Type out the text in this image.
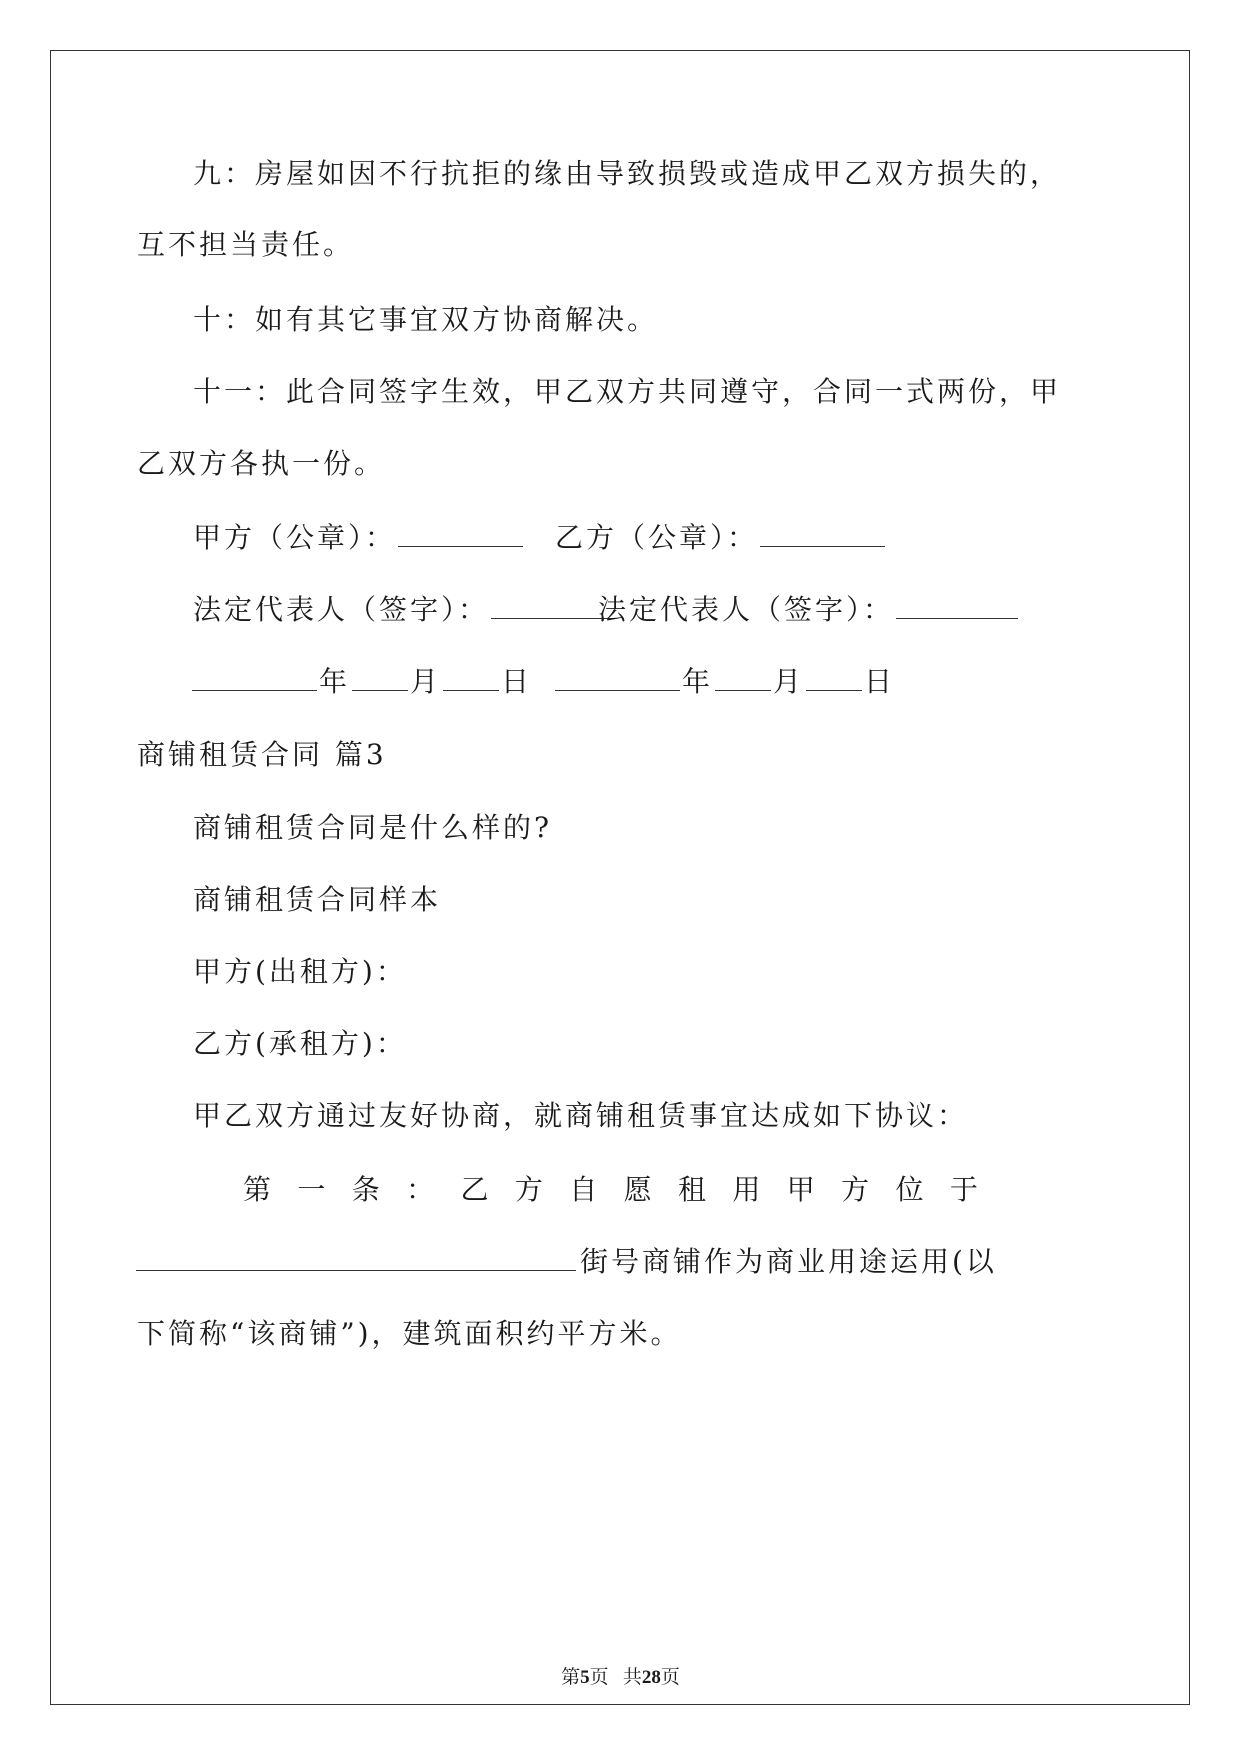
九：房屋如因不行抗拒的缘由导致损毁或造成甲乙双方损失的，
互不担当责任。
十：如有其它事宜双方协商解决。
十一：此合同签字生效，甲乙双方共同遵守，合同一式两份，甲
乙双方各执一份。
甲方（公章）：	乙方（公章）：
法定代表人（签字）：	法定代表人（签字）：
年 月 日	年 月 日
商铺租赁合同 篇3
商铺租赁合同是什么样的?
商铺租赁合同样本
甲方(出租方)：
乙方(承租方)：
甲乙双方通过友好协商，就商铺租赁事宜达成如下协议：
第 一 条 ： 乙 方 自 愿 租 用 甲 方 位 于
街号商铺作为商业用途运用(以
下简称“该商铺”)，建筑面积约平方米。
第5页 共28页
